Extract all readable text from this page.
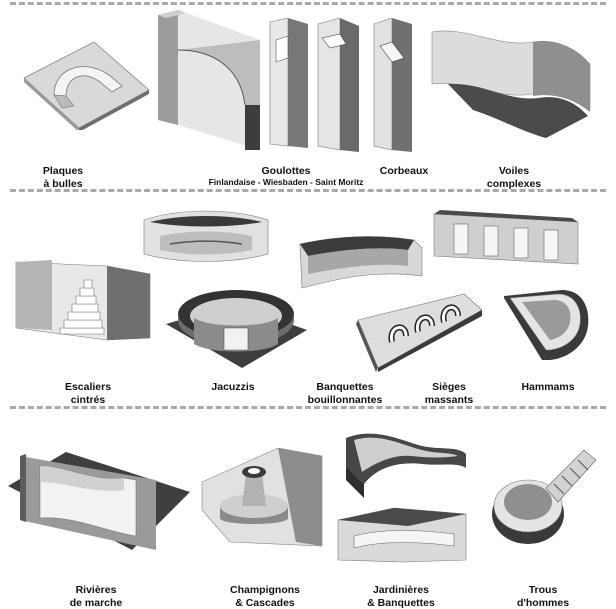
Plaques
à bulles
Goulottes
Finlandaise - Wiesbaden - Saint Moritz
Corbeaux	Voiles
complexes
Escaliers
cintrés
Jacuzzis	Banquettes
bouillonnantes
Sièges
massants
Hammams
Rivières
de marche
Champignons
& Cascades
Jardinières
& Banquettes
Trous
d'hommes
